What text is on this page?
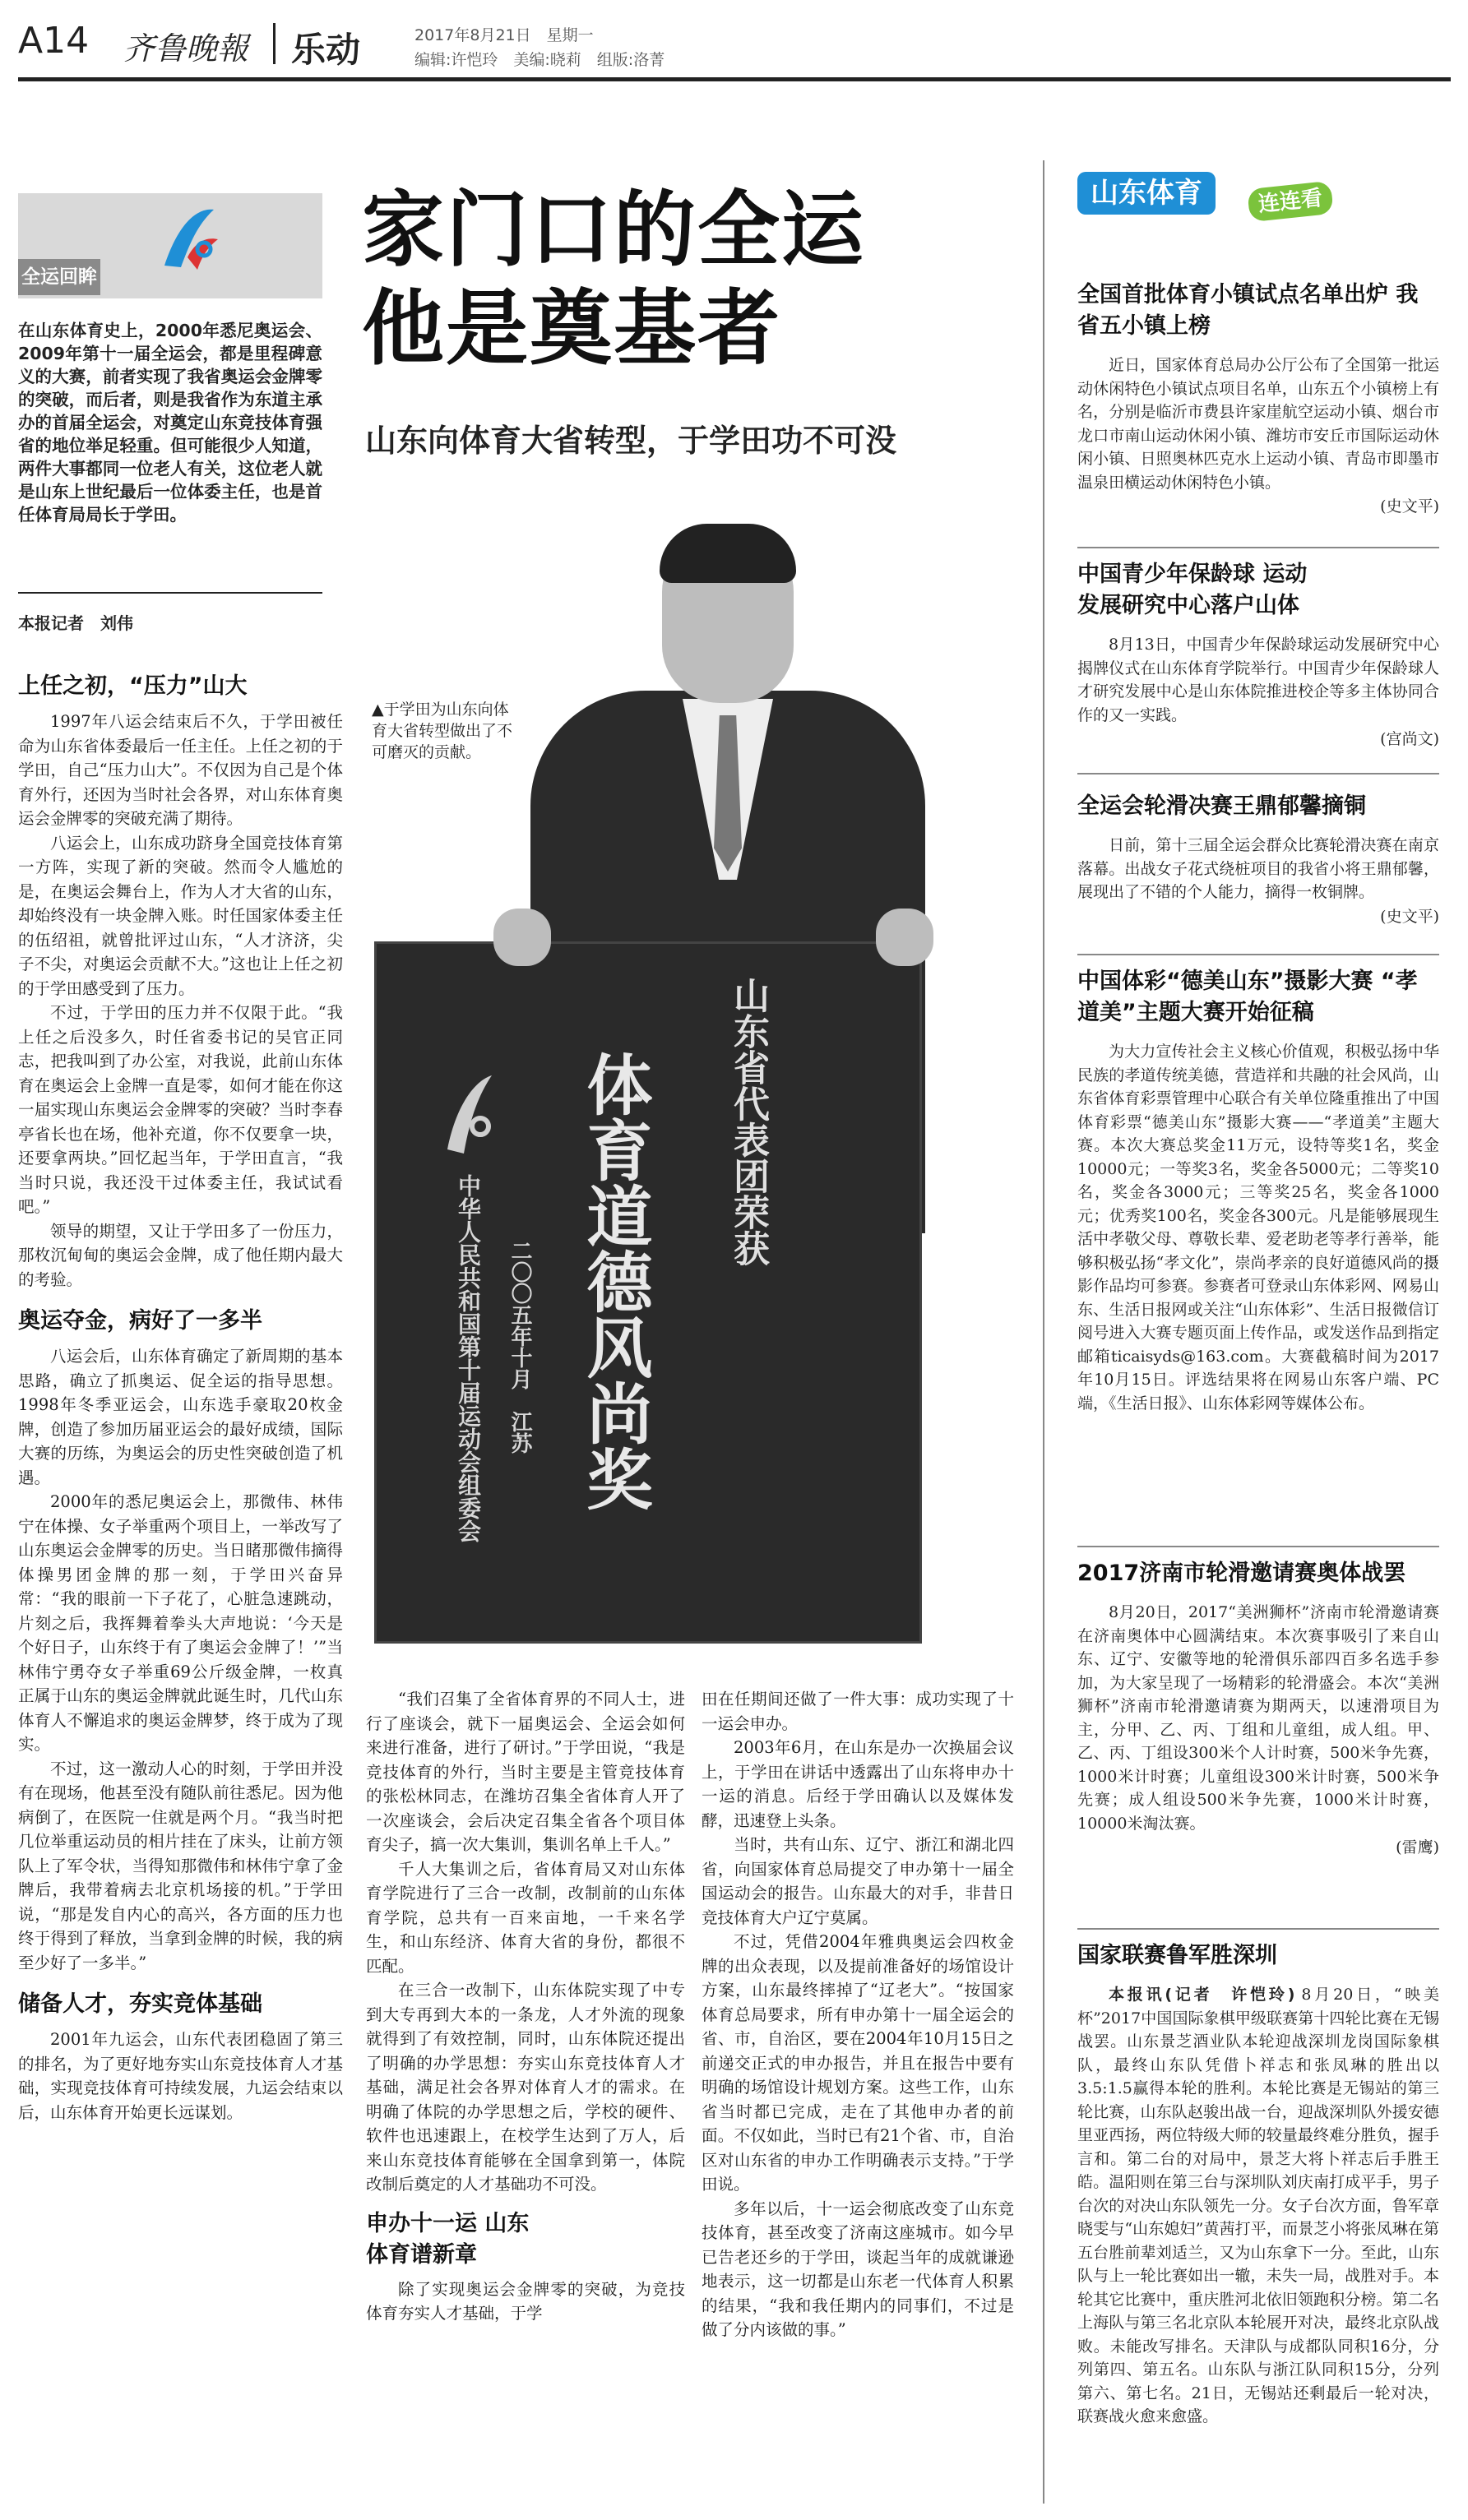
A14 齐鲁晚報 乐动	2017年8月21日　星期一
编辑:许恺玲　美编:晓莉　组版:洛菁
全运回眸
在山东体育史上，2000年悉尼奥运会、2009年第十一届全运会，都是里程碑意义的大赛，前者实现了我省奥运会金牌零的突破，而后者，则是我省作为东道主承办的首届全运会，对奠定山东竞技体育强省的地位举足轻重。但可能很少人知道，两件大事都同一位老人有关，这位老人就是山东上世纪最后一位体委主任，也是首任体育局局长于学田。
本报记者　刘伟
家门口的全运
他是奠基者
山东向体育大省转型，于学田功不可没
中华人民共和国第十届运动会组委会	二〇〇五年十月　江苏 体育道德风尚奖 山东省代表团荣获
▲于学田为山东向体育大省转型做出了不可磨灭的贡献。
上任之初，“压力”山大

1997年八运会结束后不久，于学田被任命为山东省体委最后一任主任。上任之初的于学田，自己“压力山大”。不仅因为自己是个体育外行，还因为当时社会各界，对山东体育奥运会金牌零的突破充满了期待。

八运会上，山东成功跻身全国竞技体育第一方阵，实现了新的突破。然而令人尴尬的是，在奥运会舞台上，作为人才大省的山东，却始终没有一块金牌入账。时任国家体委主任的伍绍祖，就曾批评过山东，“人才济济，尖子不尖，对奥运会贡献不大。”这也让上任之初的于学田感受到了压力。

不过，于学田的压力并不仅限于此。“我上任之后没多久，时任省委书记的吴官正同志，把我叫到了办公室，对我说，此前山东体育在奥运会上金牌一直是零，如何才能在你这一届实现山东奥运会金牌零的突破？当时李春亭省长也在场，他补充道，你不仅要拿一块，还要拿两块。”回忆起当年，于学田直言，“我当时只说，我还没干过体委主任，我试试看吧。”

领导的期望，又让于学田多了一份压力，那枚沉甸甸的奥运会金牌，成了他任期内最大的考验。

奥运夺金，病好了一多半

八运会后，山东体育确定了新周期的基本思路，确立了抓奥运、促全运的指导思想。1998年冬季亚运会，山东选手豪取20枚金牌，创造了参加历届亚运会的最好成绩，国际大赛的历练，为奥运会的历史性突破创造了机遇。

2000年的悉尼奥运会上，那微伟、林伟宁在体操、女子举重两个项目上，一举改写了山东奥运会金牌零的历史。当日睹那微伟摘得体操男团金牌的那一刻，于学田兴奋异常：“我的眼前一下子花了，心脏急速跳动，片刻之后，我挥舞着拳头大声地说：‘今天是个好日子，山东终于有了奥运会金牌了！’”当林伟宁勇夺女子举重69公斤级金牌，一枚真正属于山东的奥运金牌就此诞生时，几代山东体育人不懈追求的奥运金牌梦，终于成为了现实。

不过，这一激动人心的时刻，于学田并没有在现场，他甚至没有随队前往悉尼。因为他病倒了，在医院一住就是两个月。“我当时把几位举重运动员的相片挂在了床头，让前方领队上了军令状，当得知那微伟和林伟宁拿了金牌后，我带着病去北京机场接的机。”于学田说，“那是发自内心的高兴，各方面的压力也终于得到了释放，当拿到金牌的时候，我的病至少好了一多半。”

储备人才，夯实竞体基础

2001年九运会，山东代表团稳固了第三的排名，为了更好地夯实山东竞技体育人才基础，实现竞技体育可持续发展，九运会结束以后，山东体育开始更长远谋划。

“我们召集了全省体育界的不同人士，进行了座谈会，就下一届奥运会、全运会如何来进行准备，进行了研讨。”于学田说，“我是竞技体育的外行，当时主要是主管竞技体育的张松林同志，在潍坊召集全省体育人开了一次座谈会，会后决定召集全省各个项目体育尖子，搞一次大集训，集训名单上千人。”

千人大集训之后，省体育局又对山东体育学院进行了三合一改制，改制前的山东体育学院，总共有一百来亩地，一千来名学生，和山东经济、体育大省的身份，都很不匹配。

在三合一改制下，山东体院实现了中专到大专再到大本的一条龙，人才外流的现象就得到了有效控制，同时，山东体院还提出了明确的办学思想：夯实山东竞技体育人才基础，满足社会各界对体育人才的需求。在明确了体院的办学思想之后，学校的硬件、软件也迅速跟上，在校学生达到了万人，后来山东竞技体育能够在全国拿到第一，体院改制后奠定的人才基础功不可没。

申办十一运 山东体育谱新章

除了实现奥运会金牌零的突破，为竞技体育夯实人才基础，于学

田在任期间还做了一件大事：成功实现了十一运会申办。

2003年6月，在山东是办一次换届会议上，于学田在讲话中透露出了山东将申办十一运的消息。后经于学田确认以及媒体发酵，迅速登上头条。

当时，共有山东、辽宁、浙江和湖北四省，向国家体育总局提交了申办第十一届全国运动会的报告。山东最大的对手，非昔日竞技体育大户辽宁莫属。

不过，凭借2004年雅典奥运会四枚金牌的出众表现，以及提前准备好的场馆设计方案，山东最终摔掉了“辽老大”。“按国家体育总局要求，所有申办第十一届全运会的省、市，自治区，要在2004年10月15日之前递交正式的申办报告，并且在报告中要有明确的场馆设计规划方案。这些工作，山东省当时都已完成，走在了其他申办者的前面。不仅如此，当时已有21个省、市，自治区对山东省的申办工作明确表示支持。”于学田说。

多年以后，十一运会彻底改变了山东竞技体育，甚至改变了济南这座城市。如今早已告老还乡的于学田，谈起当年的成就谦逊地表示，这一切都是山东老一代体育人积累的结果，“我和我任期内的同事们，不过是做了分内该做的事。”

山东体育	连连看
全国首批体育小镇试点名单出炉 我省五小镇上榜
近日，国家体育总局办公厅公布了全国第一批运动休闲特色小镇试点项目名单，山东五个小镇榜上有名，分别是临沂市费县许家崖航空运动小镇、烟台市龙口市南山运动休闲小镇、潍坊市安丘市国际运动休闲小镇、日照奥林匹克水上运动小镇、青岛市即墨市温泉田横运动休闲特色小镇。
(史文平)
中国青少年保龄球 运动发展研究中心落户山体
8月13日，中国青少年保龄球运动发展研究中心揭牌仪式在山东体育学院举行。中国青少年保龄球人才研究发展中心是山东体院推进校企等多主体协同合作的又一实践。
(宫尚文)
全运会轮滑决赛王鼎郁馨摘铜
日前，第十三届全运会群众比赛轮滑决赛在南京落幕。出战女子花式绕桩项目的我省小将王鼎郁馨，展现出了不错的个人能力，摘得一枚铜牌。
(史文平)
中国体彩“德美山东”摄影大赛 “孝道美”主题大赛开始征稿
为大力宣传社会主义核心价值观，积极弘扬中华民族的孝道传统美德，营造祥和共融的社会风尚，山东省体育彩票管理中心联合有关单位隆重推出了中国体育彩票“德美山东”摄影大赛——“孝道美”主题大赛。本次大赛总奖金11万元，设特等奖1名，奖金10000元；一等奖3名，奖金各5000元；二等奖10名，奖金各3000元；三等奖25名，奖金各1000元；优秀奖100名，奖金各300元。凡是能够展现生活中孝敬父母、尊敬长辈、爱老助老等孝行善举，能够积极弘扬“孝文化”，崇尚孝亲的良好道德风尚的摄影作品均可参赛。参赛者可登录山东体彩网、网易山东、生活日报网或关注“山东体彩”、生活日报微信订阅号进入大赛专题页面上传作品，或发送作品到指定邮箱ticaisyds@163.com。大赛截稿时间为2017年10月15日。评选结果将在网易山东客户端、PC端，《生活日报》、山东体彩网等媒体公布。
2017济南市轮滑邀请赛奥体战罢
8月20日，2017“美洲狮杯”济南市轮滑邀请赛在济南奥体中心圆满结束。本次赛事吸引了来自山东、辽宁、安徽等地的轮滑俱乐部四百多名选手参加，为大家呈现了一场精彩的轮滑盛会。本次“美洲狮杯”济南市轮滑邀请赛为期两天，以速滑项目为主，分甲、乙、丙、丁组和儿童组，成人组。甲、乙、丙、丁组设300米个人计时赛，500米争先赛，1000米计时赛；儿童组设300米计时赛，500米争先赛；成人组设500米争先赛，1000米计时赛，10000米淘汰赛。
(雷鹰)
国家联赛鲁军胜深圳
本报讯(记者　许恺玲) 8月20日，“映美杯”2017中国国际象棋甲级联赛第十四轮比赛在无锡战罢。山东景芝酒业队本轮迎战深圳龙岗国际象棋队，最终山东队凭借卜祥志和张凤琳的胜出以3.5:1.5赢得本轮的胜利。本轮比赛是无锡站的第三轮比赛，山东队赵骏出战一台，迎战深圳队外援安德里亚西扬，两位特级大师的较量最终难分胜负，握手言和。第二台的对局中，景芝大将卜祥志后手胜王皓。温阳则在第三台与深圳队刘庆南打成平手，男子台次的对决山东队领先一分。女子台次方面，鲁军章晓雯与“山东媳妇”黄茜打平，而景芝小将张凤琳在第五台胜前辈刘适兰，又为山东拿下一分。至此，山东队与上一轮比赛如出一辙，未失一局，战胜对手。本轮其它比赛中，重庆胜河北依旧领跑积分榜。第二名上海队与第三名北京队本轮展开对决，最终北京队战败。未能改写排名。天津队与成都队同积16分，分列第四、第五名。山东队与浙江队同积15分，分列第六、第七名。21日，无锡站还剩最后一轮对决，联赛战火愈来愈盛。
